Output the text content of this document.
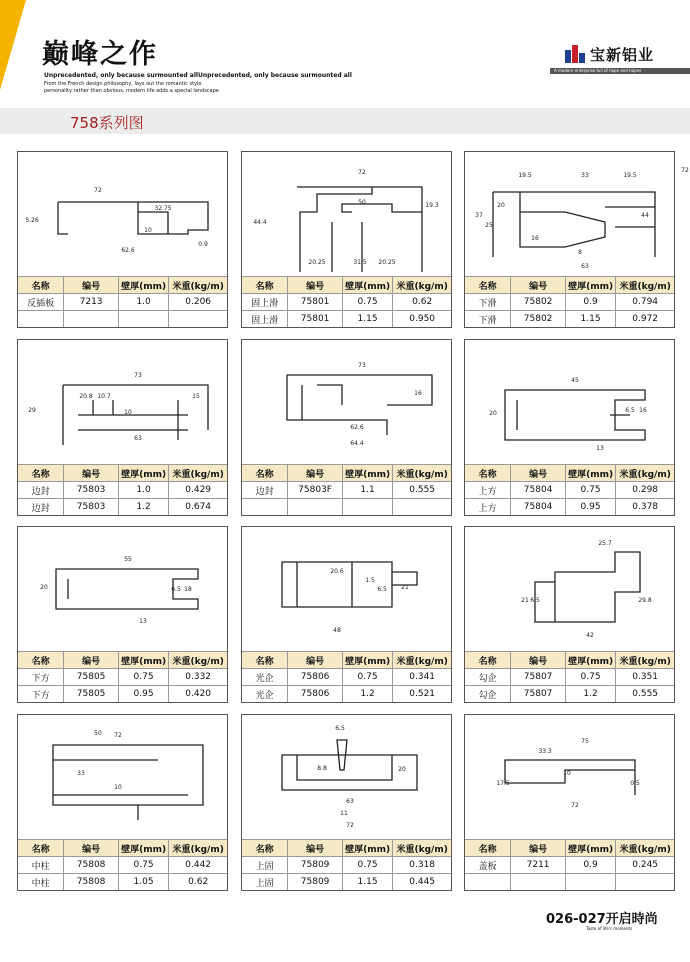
巅峰之作
Unprecedented, only because surmounted allUnprecedented, only because surmounted all
From the French design philosophy, lays out the romantic style
personality rather than obvious, modern life adds a special landscape
宝新铝业
A modern enterprise full of hope and hopes
758系列图
72
32.75
5.26
10
62.6
0.9
名称	编号	壁厚(mm)	米重(kg/m)
反插板	7213	1.0	0.206

72
50
44.4
19.3
20.25	31.5 20.25
名称	编号	壁厚(mm)	米重(kg/m)
固上滑	75801	0.75	0.62
固上滑	75801	1.15	0.950
19.5	33	19.5
37
25
20
44
16
8
63
72
名称	编号	壁厚(mm)	米重(kg/m)
下滑	75802	0.9	0.794
下滑	75802	1.15	0.972
73
20.8 10.7
10
29
15
63
名称	编号	壁厚(mm)	米重(kg/m)
边封	75803	1.0	0.429
边封	75803	1.2	0.674
73
16
62.6
64.4
名称	编号	壁厚(mm)	米重(kg/m)
边封	75803F	1.1	0.555

45
20	6.5 16
13
名称	编号	壁厚(mm)	米重(kg/m)
上方	75804	0.75	0.298
上方	75804	0.95	0.378
55
20	6.5 18
13
名称	编号	壁厚(mm)	米重(kg/m)
下方	75805	0.75	0.332
下方	75805	0.95	0.420
20.6
1.5
6.5 21
48
名称	编号	壁厚(mm)	米重(kg/m)
光企	75806	0.75	0.341
光企	75806	1.2	0.521
25.7
21 6.5	29.8
42
名称	编号	壁厚(mm)	米重(kg/m)
勾企	75807	0.75	0.351
勾企	75807	1.2	0.555
72
33
10
50
名称	编号	壁厚(mm)	米重(kg/m)
中柱	75808	0.75	0.442
中柱	75808	1.05	0.62
6.5
8.8
11
20
63
72
名称	编号	壁厚(mm)	米重(kg/m)
上固	75809	0.75	0.318
上固	75809	1.15	0.445
75
33.3
17.5
10
0.5
72
名称	编号	壁厚(mm)	米重(kg/m)
盖板	7211	0.9	0.245

026-027开启時尚
Taste of life's moments
